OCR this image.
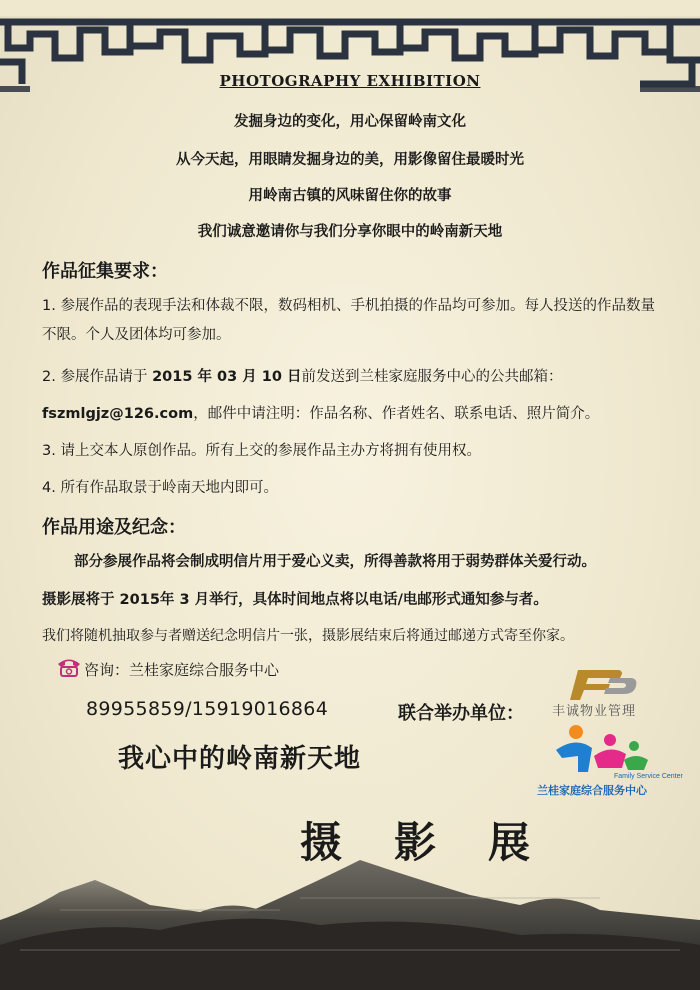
PHOTOGRAPHY EXHIBITION
发掘身边的变化，用心保留岭南文化
从今天起，用眼睛发掘身边的美，用影像留住最暖时光
用岭南古镇的风味留住你的故事
我们诚意邀请你与我们分享你眼中的岭南新天地
作品征集要求：
1. 参展作品的表现手法和体裁不限，数码相机、手机拍摄的作品均可参加。每人投送的作品数量不限。个人及团体均可参加。
2. 参展作品请于 2015 年 03 月 10 日前发送到兰桂家庭服务中心的公共邮箱：
fszmlgjz@126.com，邮件中请注明：作品名称、作者姓名、联系电话、照片简介。
3. 请上交本人原创作品。所有上交的参展作品主办方将拥有使用权。
4. 所有作品取景于岭南天地内即可。
作品用途及纪念：
部分参展作品将会制成明信片用于爱心义卖，所得善款将用于弱势群体关爱行动。
摄影展将于 2015年 3 月举行，具体时间地点将以电话/电邮形式通知参与者。
我们将随机抽取参与者赠送纪念明信片一张，摄影展结束后将通过邮递方式寄至你家。
咨询：兰桂家庭综合服务中心
89955859/15919016864	联合举办单位： 丰诚物业管理
Family Service Center
兰桂家庭综合服务中心
我心中的岭南新天地
摄影展
